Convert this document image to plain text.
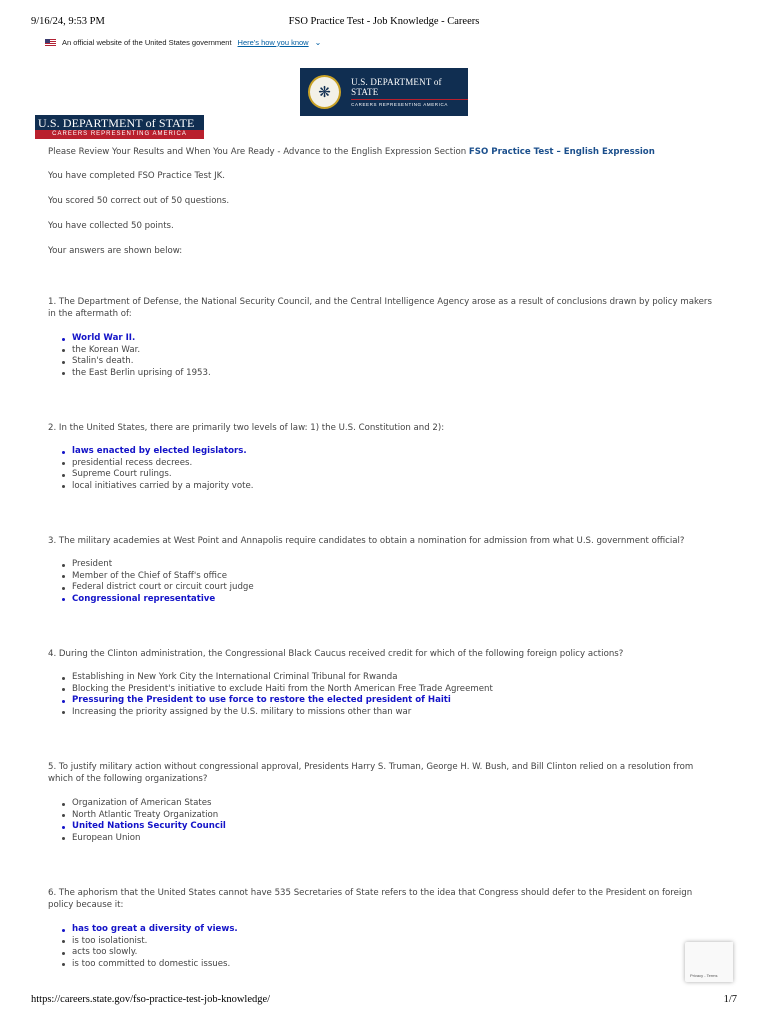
9/16/24, 9:53 PM	FSO Practice Test - Job Knowledge - Careers
An official website of the United States government Here's how you know ⌄
❋
U.S. DEPARTMENT of STATE
CAREERS REPRESENTING AMERICA
U.S. DEPARTMENT of STATE
CAREERS REPRESENTING AMERICA

Please Review Your Results and When You Are Ready - Advance to the English Expression Section FSO Practice Test – English Expression

You have completed FSO Practice Test JK.

You scored 50 correct out of 50 questions.

You have collected 50 points.

Your answers are shown below:

1. The Department of Defense, the National Security Council, and the Central Intelligence Agency arose as a result of conclusions drawn by policy makers in the aftermath of:
World War II.
the Korean War.
Stalin's death.
the East Berlin uprising of 1953.
2. In the United States, there are primarily two levels of law: 1) the U.S. Constitution and 2):
laws enacted by elected legislators.
presidential recess decrees.
Supreme Court rulings.
local initiatives carried by a majority vote.
3. The military academies at West Point and Annapolis require candidates to obtain a nomination for admission from what U.S. government official?
President
Member of the Chief of Staff's office
Federal district court or circuit court judge
Congressional representative
4. During the Clinton administration, the Congressional Black Caucus received credit for which of the following foreign policy actions?
Establishing in New York City the International Criminal Tribunal for Rwanda
Blocking the President's initiative to exclude Haiti from the North American Free Trade Agreement
Pressuring the President to use force to restore the elected president of Haiti
Increasing the priority assigned by the U.S. military to missions other than war
5. To justify military action without congressional approval, Presidents Harry S. Truman, George H. W. Bush, and Bill Clinton relied on a resolution from which of the following organizations?
Organization of American States
North Atlantic Treaty Organization
United Nations Security Council
European Union
6. The aphorism that the United States cannot have 535 Secretaries of State refers to the idea that Congress should defer to the President on foreign policy because it:
has too great a diversity of views.
is too isolationist.
acts too slowly.
is too committed to domestic issues.
Privacy - Terms
https://careers.state.gov/fso-practice-test-job-knowledge/	1/7
